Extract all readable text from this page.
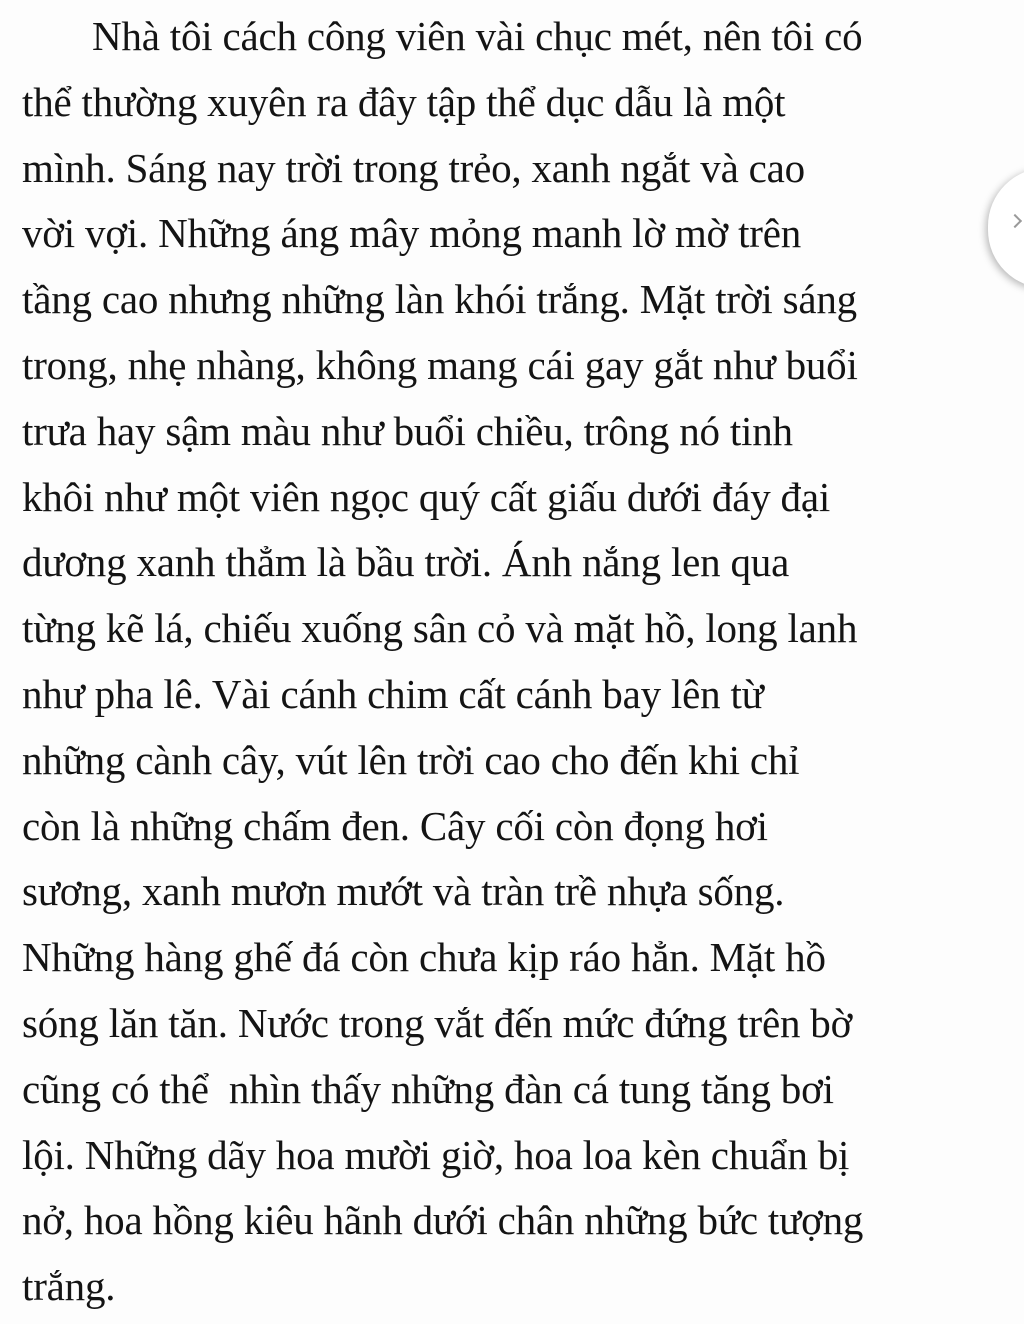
Nhà tôi cách công viên vài chục mét, nên tôi có
thể thường xuyên ra đây tập thể dục dẫu là một
mình. Sáng nay trời trong trẻo, xanh ngắt và cao
vời vợi. Những áng mây mỏng manh lờ mờ trên
tầng cao nhưng những làn khói trắng. Mặt trời sáng
trong, nhẹ nhàng, không mang cái gay gắt như buổi
trưa hay sậm màu như buổi chiều, trông nó tinh
khôi như một viên ngọc quý cất giấu dưới đáy đại
dương xanh thẳm là bầu trời. Ánh nắng len qua
từng kẽ lá, chiếu xuống sân cỏ và mặt hồ, long lanh
như pha lê. Vài cánh chim cất cánh bay lên từ
những cành cây, vút lên trời cao cho đến khi chỉ
còn là những chấm đen. Cây cối còn đọng hơi
sương, xanh mươn mướt và tràn trề nhựa sống.
Những hàng ghế đá còn chưa kịp ráo hẳn. Mặt hồ
sóng lăn tăn. Nước trong vắt đến mức đứng trên bờ
cũng có thể  nhìn thấy những đàn cá tung tăng bơi
lội. Những dãy hoa mười giờ, hoa loa kèn chuẩn bị
nở, hoa hồng kiêu hãnh dưới chân những bức tượng
trắng.
